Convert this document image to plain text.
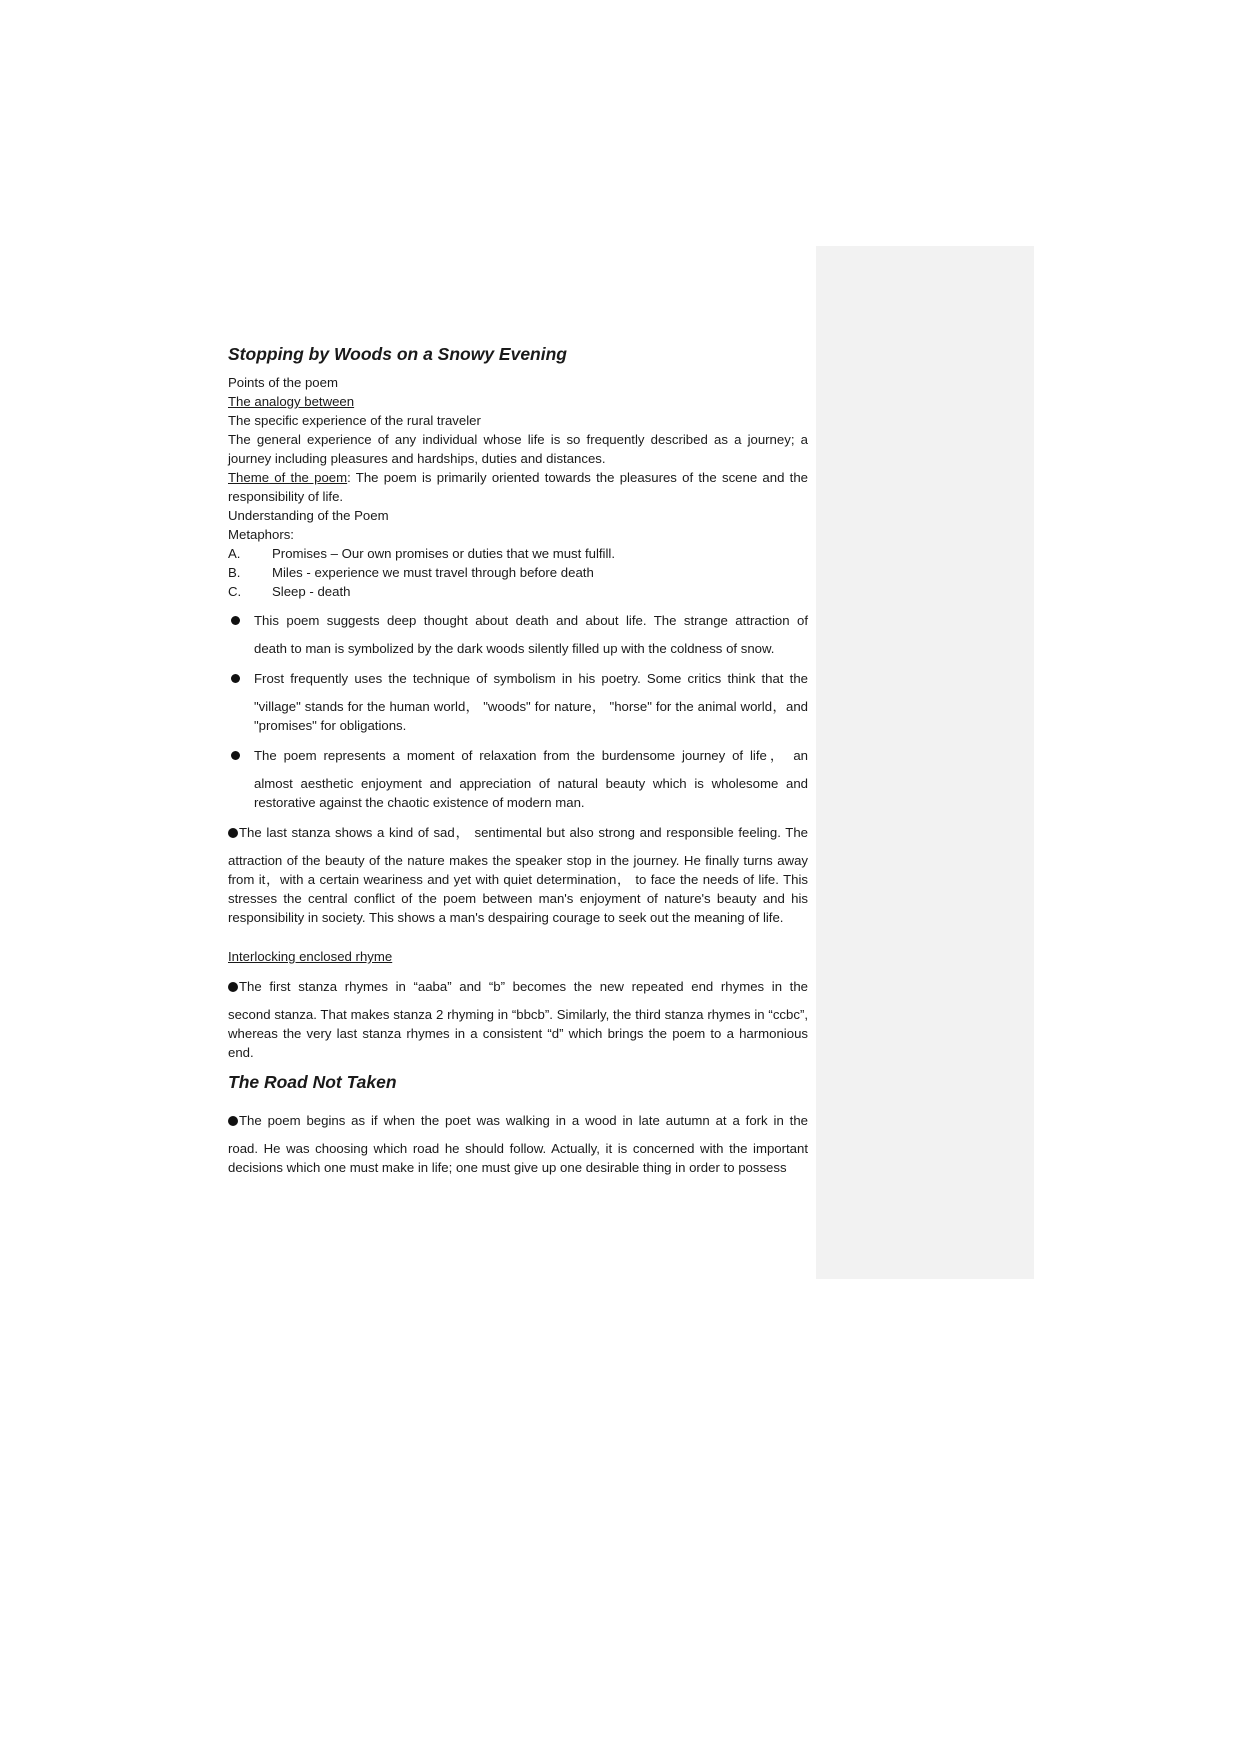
Stopping by Woods on a Snowy Evening
Points of the poem
The analogy between
The specific experience of the rural traveler
The general experience of any individual whose life is so frequently described as a journey; a journey including pleasures and hardships, duties and distances.
Theme of the poem: The poem is primarily oriented towards the pleasures of the scene and the responsibility of life.
Understanding of the Poem
Metaphors:
A. Promises – Our own promises or duties that we must fulfill.
B. Miles - experience we must travel through before death
C. Sleep - death
This poem suggests deep thought about death and about life. The strange attraction of
death to man is symbolized by the dark woods silently filled up with the coldness of snow.
Frost frequently uses the technique of symbolism in his poetry. Some critics think that the
"village" stands for the human world， "woods" for nature， "horse" for the animal world，and "promises" for obligations.
The poem represents a moment of relaxation from the burdensome journey of life， an
almost aesthetic enjoyment and appreciation of natural beauty which is wholesome and restorative against the chaotic existence of modern man.
The last stanza shows a kind of sad， sentimental but also strong and responsible feeling. The
attraction of the beauty of the nature makes the speaker stop in the journey. He finally turns away from it，with a certain weariness and yet with quiet determination， to face the needs of life. This stresses the central conflict of the poem between man's enjoyment of nature's beauty and his responsibility in society. This shows a man's despairing courage to seek out the meaning of life.
Interlocking enclosed rhyme
The first stanza rhymes in “aaba” and “b” becomes the new repeated end rhymes in the
second stanza. That makes stanza 2 rhyming in “bbcb”. Similarly, the third stanza rhymes in “ccbc”, whereas the very last stanza rhymes in a consistent “d” which brings the poem to a harmonious end.
The Road Not Taken
The poem begins as if when the poet was walking in a wood in late autumn at a fork in the
road. He was choosing which road he should follow. Actually, it is concerned with the important decisions which one must make in life; one must give up one desirable thing in order to possess
